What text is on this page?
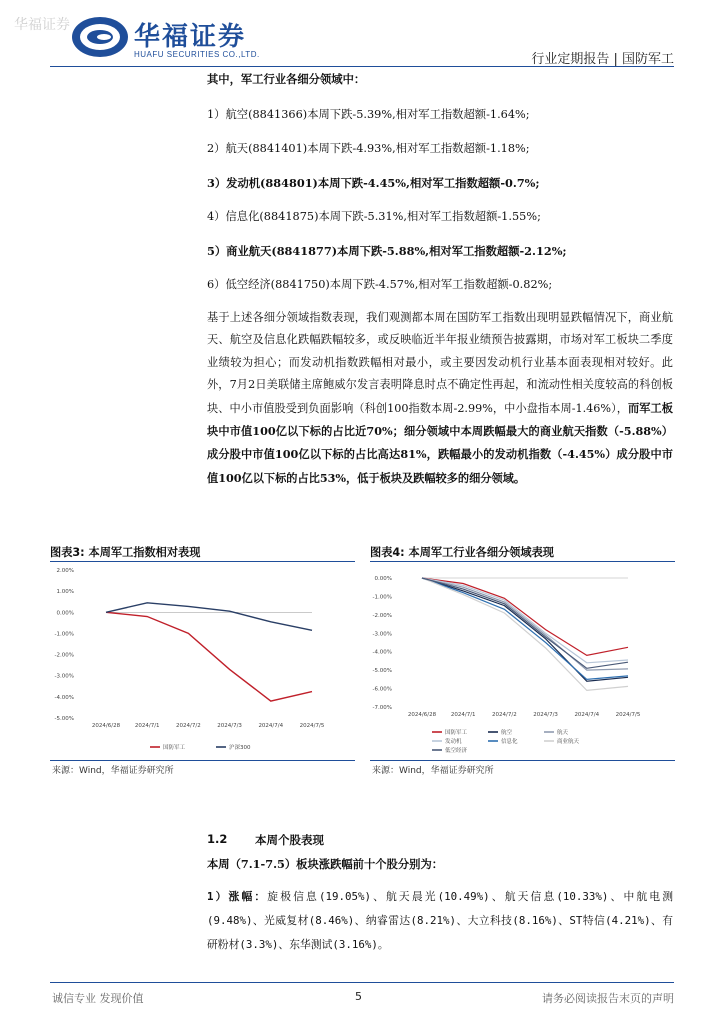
华福证券 华福证券
HUAFU SECURITIES CO.,LTD.	行业定期报告 | 国防军工
其中，军工行业各细分领域中：
1）航空(8841366)本周下跌-5.39%,相对军工指数超额-1.64%;
2）航天(8841401)本周下跌-4.93%,相对军工指数超额-1.18%;
3）发动机(884801)本周下跌-4.45%,相对军工指数超额-0.7%;
4）信息化(8841875)本周下跌-5.31%,相对军工指数超额-1.55%;
5）商业航天(8841877)本周下跌-5.88%,相对军工指数超额-2.12%;
6）低空经济(8841750)本周下跌-4.57%,相对军工指数超额-0.82%;
基于上述各细分领域指数表现，我们观测都本周在国防军工指数出现明显跌幅情况下，商业航天、航空及信息化跌幅跌幅较多，或反映临近半年报业绩预告披露期，市场对军工板块二季度业绩较为担心；而发动机指数跌幅相对最小，或主要因发动机行业基本面表现相对较好。此外，7月2日美联储主席鲍威尔发言表明降息时点不确定性再起，和流动性相关度较高的科创板块、中小市值股受到负面影响（科创100指数本周-2.99%，中小盘指本周-1.46%），而军工板块中市值100亿以下标的占比近70%；细分领域中本周跌幅最大的商业航天指数（-5.88%）成分股中市值100亿以下标的占比高达81%，跌幅最小的发动机指数（-4.45%）成分股中市值100亿以下标的占比53%，低于板块及跌幅较多的细分领域。
图表3: 本周军工指数相对表现	图表4: 本周军工行业各细分领域表现
2.00%
1.00%
0.00%
-1.00%
-2.00%
-3.00%
-4.00%
-5.00%
2024/6/28	2024/7/1	2024/7/2	2024/7/3	2024/7/4	2024/7/5
国防军工	沪深300
0.00%
-1.00%
-2.00%
-3.00%
-4.00%
-5.00%
-6.00%
-7.00%
2024/6/28	2024/7/1	2024/7/2	2024/7/3	2024/7/4	2024/7/5
国防军工	航空	航天
发动机	信息化	商业航天
低空经济
来源：Wind，华福证券研究所	来源：Wind，华福证券研究所
1.2 本周个股表现
本周（7.1-7.5）板块涨跌幅前十个股分别为：
1）涨幅：旋极信息(19.05%)、航天晨光(10.49%)、航天信息(10.33%)、中航电测(9.48%)、光威复材(8.46%)、纳睿雷达(8.21%)、大立科技(8.16%)、ST特信(4.21%)、有研粉材(3.3%)、东华测试(3.16%)。
诚信专业 发现价值	5	请务必阅读报告末页的声明
